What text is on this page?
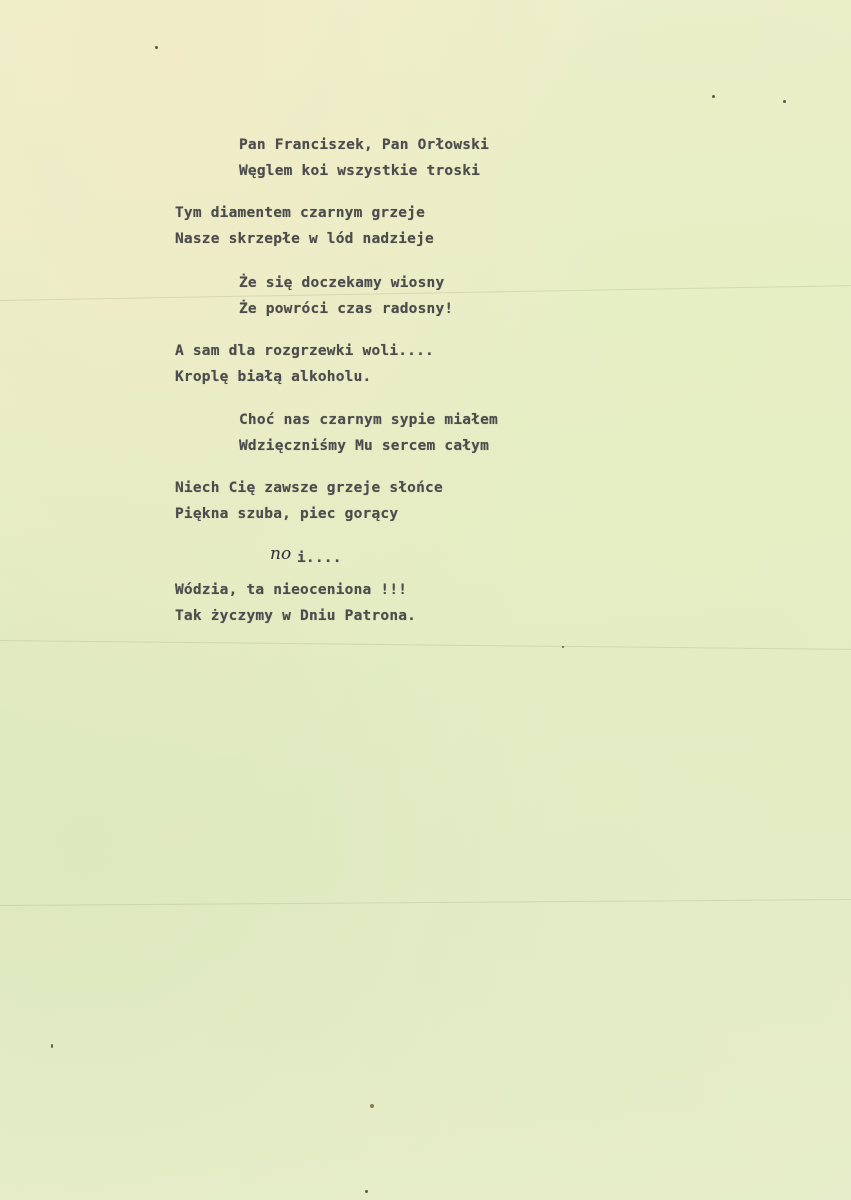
Pan Franciszek, Pan Orłowski
Węglem koi wszystkie troski
Tym diamentem czarnym grzeje
Nasze skrzepłe w lód nadzieje
Że się doczekamy wiosny
Że powróci czas radosny!
A sam dla rozgrzewki woli....
Kroplę białą alkoholu.
Choć nas czarnym sypie miałem
Wdzięczniśmy Mu sercem całym
Niech Cię zawsze grzeje słońce
Piękna szuba, piec gorący
no i....
Wódzia, ta nieoceniona !!!
Tak życzymy w Dniu Patrona.
